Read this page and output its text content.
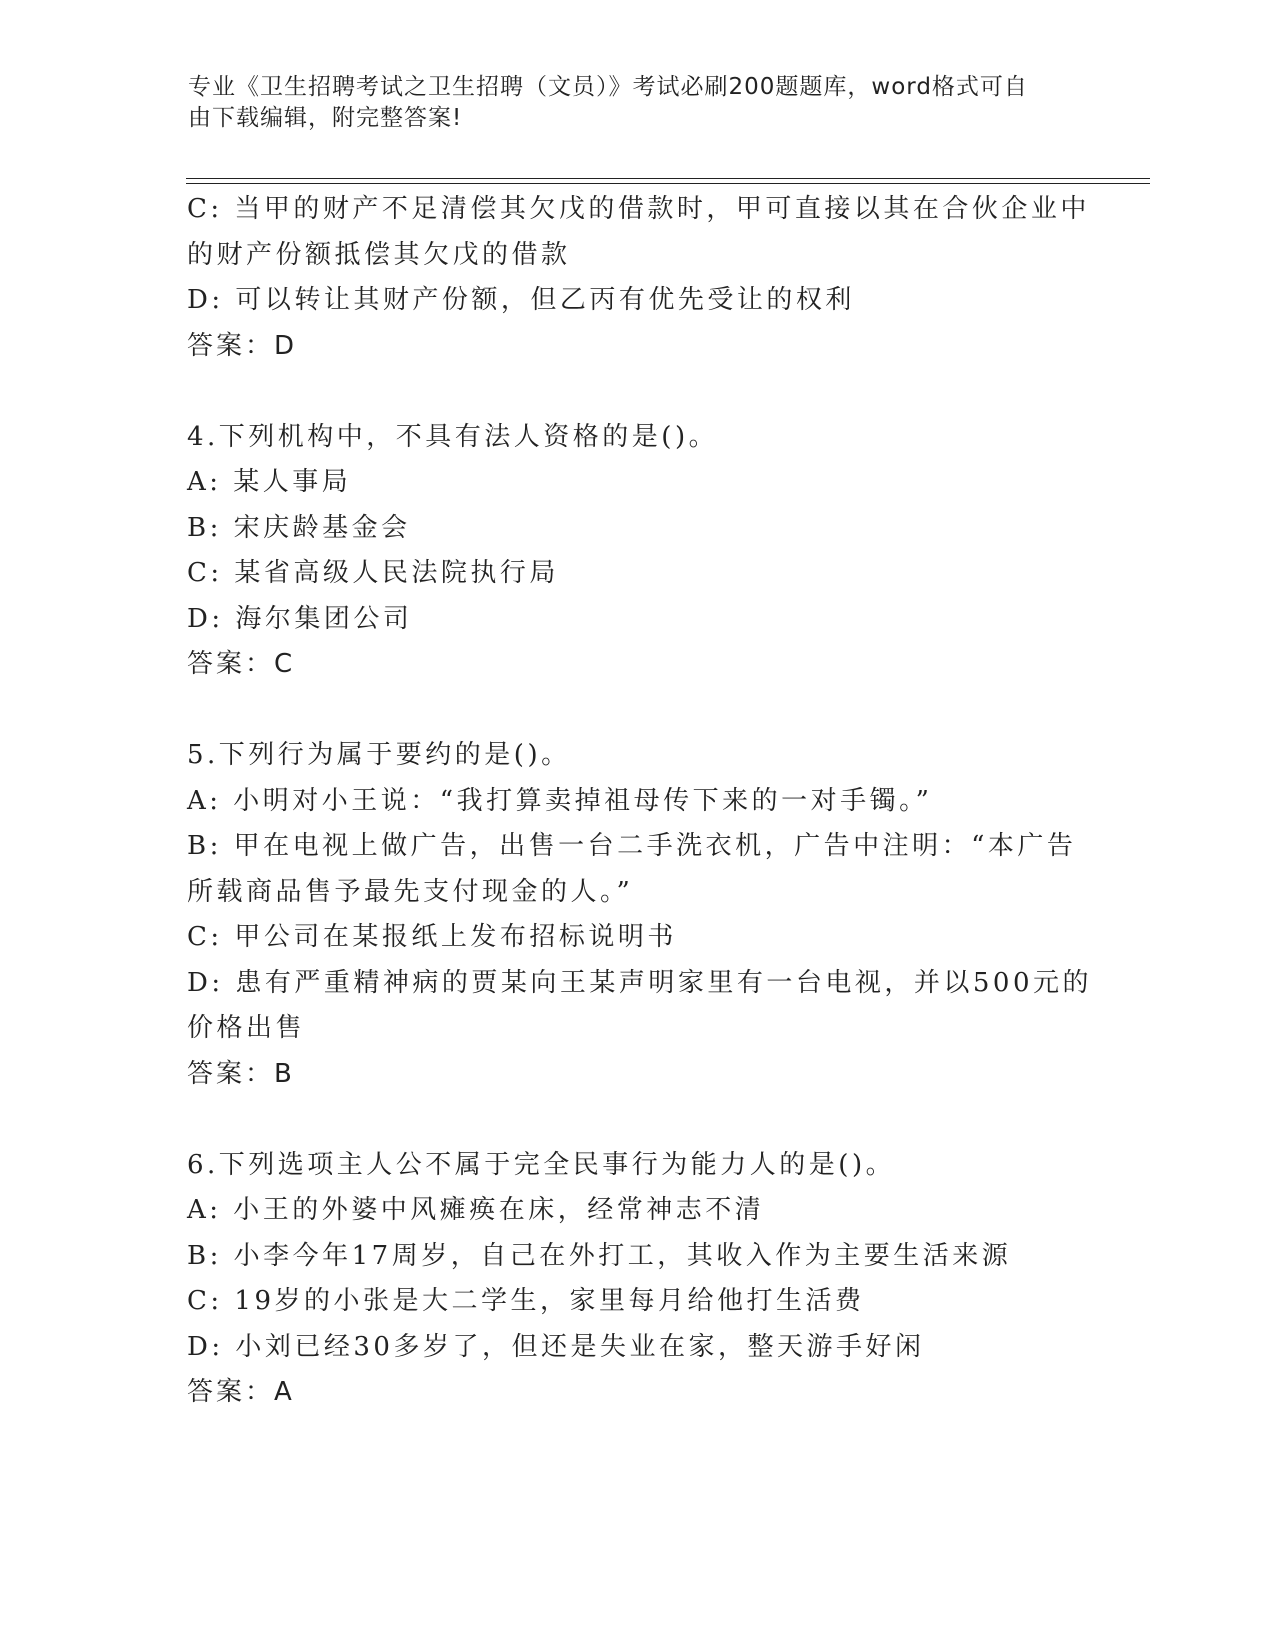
专业《卫生招聘考试之卫生招聘（文员）》考试必刷200题题库，word格式可自
由下载编辑，附完整答案!
C: 当甲的财产不足清偿其欠戊的借款时，甲可直接以其在合伙企业中
的财产份额抵偿其欠戊的借款
D: 可以转让其财产份额，但乙丙有优先受让的权利
答案：D
4.下列机构中，不具有法人资格的是()。
A: 某人事局
B: 宋庆龄基金会
C: 某省高级人民法院执行局
D: 海尔集团公司
答案：C
5.下列行为属于要约的是()。
A: 小明对小王说：“我打算卖掉祖母传下来的一对手镯。”
B: 甲在电视上做广告，出售一台二手洗衣机，广告中注明：“本广告
所载商品售予最先支付现金的人。”
C: 甲公司在某报纸上发布招标说明书
D: 患有严重精神病的贾某向王某声明家里有一台电视，并以500元的
价格出售
答案：B
6.下列选项主人公不属于完全民事行为能力人的是()。
A: 小王的外婆中风瘫痪在床，经常神志不清
B: 小李今年17周岁，自己在外打工，其收入作为主要生活来源
C: 19岁的小张是大二学生，家里每月给他打生活费
D: 小刘已经30多岁了，但还是失业在家，整天游手好闲
答案：A
